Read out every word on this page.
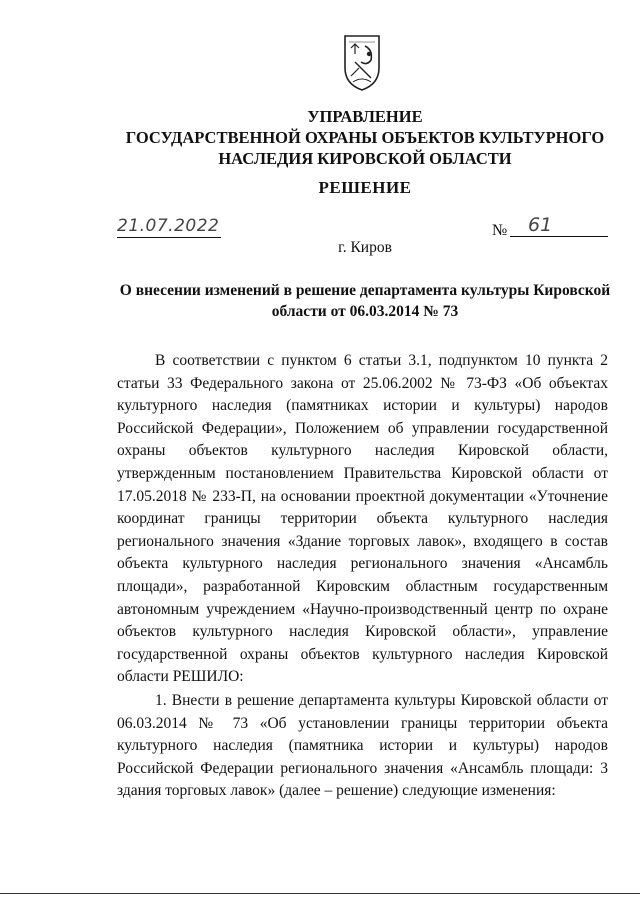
УПРАВЛЕНИЕ
ГОСУДАРСТВЕННОЙ ОХРАНЫ ОБЪЕКТОВ КУЛЬТУРНОГО
НАСЛЕДИЯ КИРОВСКОЙ ОБЛАСТИ
РЕШЕНИЕ
21.07.2022	№	61
г. Киров
О внесении изменений в решение департамента культуры Кировской
области от 06.03.2014 № 73

В соответствии с пунктом 6 статьи 3.1, подпунктом 10 пункта 2 статьи 33 Федерального закона от 25.06.2002 № 73-ФЗ «Об объектах культурного наследия (памятниках истории и культуры) народов Российской Федерации», Положением об управлении государственной охраны объектов культурного наследия Кировской области, утвержденным постановлением Правительства Кировской области от 17.05.2018 № 233-П, на основании проектной документации «Уточнение координат границы территории объекта культурного наследия регионального значения «Здание торговых лавок», входящего в состав объекта культурного наследия регионального значения «Ансамбль площади», разработанной Кировским областным государственным автономным учреждением «Научно-производственный центр по охране объектов культурного наследия Кировской области», управление государственной охраны объектов культурного наследия Кировской области РЕШИЛО:

1. Внести в решение департамента культуры Кировской области от 06.03.2014 № 73 «Об установлении границы территории объекта культурного наследия (памятника истории и культуры) народов Российской Федерации регионального значения «Ансамбль площади: 3 здания торговых лавок» (далее – решение) следующие изменения:
